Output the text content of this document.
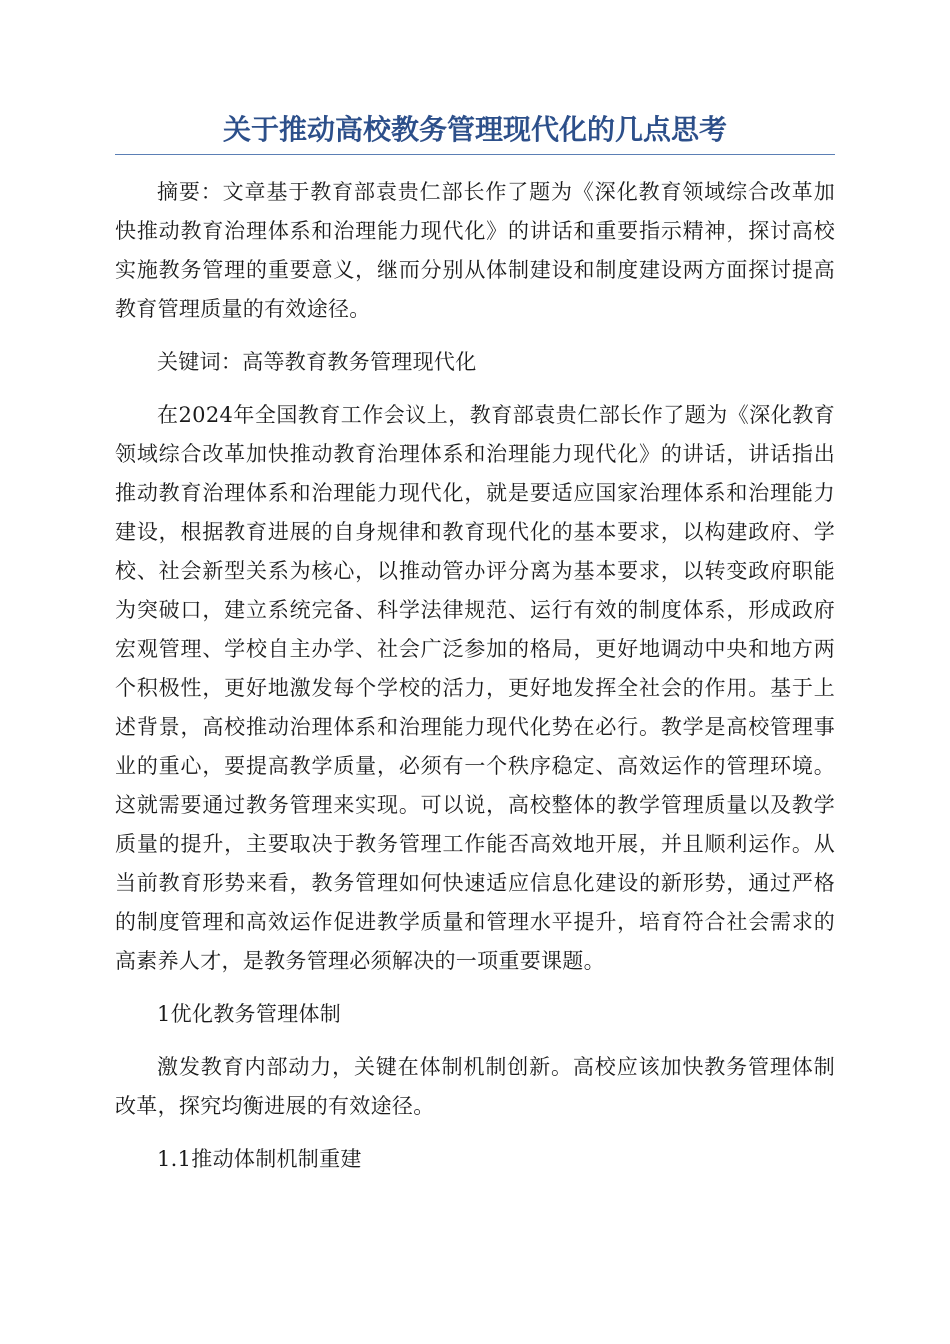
关于推动高校教务管理现代化的几点思考

摘要：文章基于教育部袁贵仁部长作了题为《深化教育领域综合改革加快推动教育治理体系和治理能力现代化》的讲话和重要指示精神，探讨高校实施教务管理的重要意义，继而分别从体制建设和制度建设两方面探讨提高教育管理质量的有效途径。

关键词：高等教育教务管理现代化

在2024年全国教育工作会议上，教育部袁贵仁部长作了题为《深化教育领域综合改革加快推动教育治理体系和治理能力现代化》的讲话，讲话指出推动教育治理体系和治理能力现代化，就是要适应国家治理体系和治理能力建设，根据教育进展的自身规律和教育现代化的基本要求，以构建政府、学校、社会新型关系为核心，以推动管办评分离为基本要求，以转变政府职能为突破口，建立系统完备、科学法律规范、运行有效的制度体系，形成政府宏观管理、学校自主办学、社会广泛参加的格局，更好地调动中央和地方两个积极性，更好地激发每个学校的活力，更好地发挥全社会的作用。基于上述背景，高校推动治理体系和治理能力现代化势在必行。教学是高校管理事业的重心，要提高教学质量，必须有一个秩序稳定、高效运作的管理环境。这就需要通过教务管理来实现。可以说，高校整体的教学管理质量以及教学质量的提升，主要取决于教务管理工作能否高效地开展，并且顺利运作。从当前教育形势来看，教务管理如何快速适应信息化建设的新形势，通过严格的制度管理和高效运作促进教学质量和管理水平提升，培育符合社会需求的高素养人才，是教务管理必须解决的一项重要课题。

1优化教务管理体制

激发教育内部动力，关键在体制机制创新。高校应该加快教务管理体制改革，探究均衡进展的有效途径。

1.1推动体制机制重建
